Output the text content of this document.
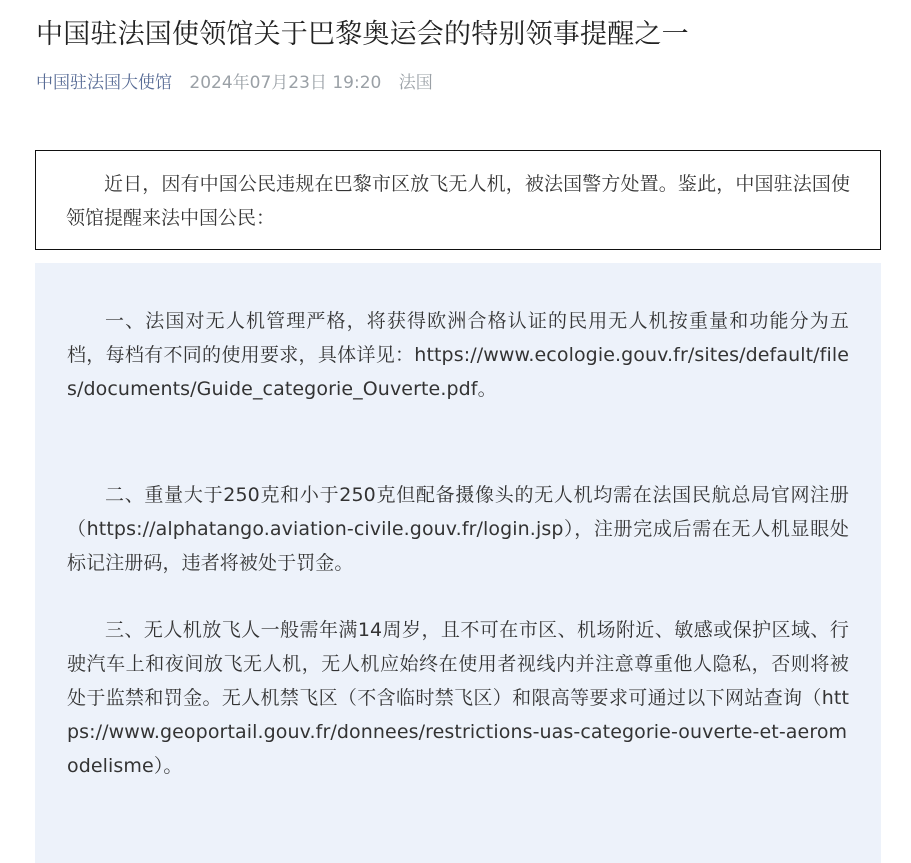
中国驻法国使领馆关于巴黎奥运会的特别领事提醒之一
中国驻法国大使馆 2024年07月23日 19:20 法国

近日，因有中国公民违规在巴黎市区放飞无人机，被法国警方处置。鉴此，中国驻法国使领馆提醒来法中国公民：

一、法国对无人机管理严格，将获得欧洲合格认证的民用无人机按重量和功能分为五档，每档有不同的使用要求，具体详见：https://www.ecologie.gouv.fr/sites/default/files/documents/Guide_categorie_Ouverte.pdf。

二、重量大于250克和小于250克但配备摄像头的无人机均需在法国民航总局官网注册（https://alphatango.aviation-civile.gouv.fr/login.jsp），注册完成后需在无人机显眼处标记注册码，违者将被处于罚金。

三、无人机放飞人一般需年满14周岁，且不可在市区、机场附近、敏感或保护区域、行驶汽车上和夜间放飞无人机，无人机应始终在使用者视线内并注意尊重他人隐私，否则将被处于监禁和罚金。无人机禁飞区（不含临时禁飞区）和限高等要求可通过以下网站查询（https://www.geoportail.gouv.fr/donnees/restrictions-uas-categorie-ouverte-et-aeromodelisme）。
